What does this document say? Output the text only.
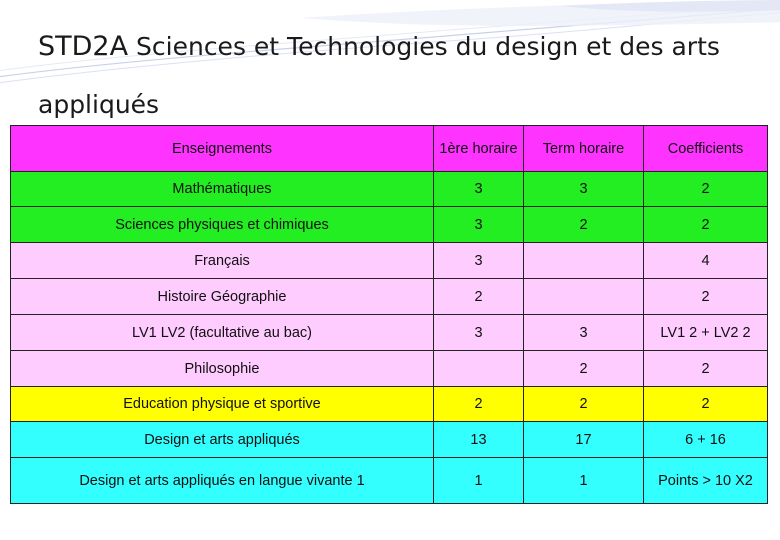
STD2A Sciences et Technologies du design et des arts appliqués
Enseignements	1ère horaire	Term horaire	Coefficients
Mathématiques	3	3	2
Sciences physiques et chimiques	3	2	2
Français	3		4
Histoire Géographie	2		2
LV1 LV2 (facultative au bac)	3	3	LV1 2 + LV2 2
Philosophie		2	2
Education physique et sportive	2	2	2
Design et arts appliqués	13	17	6 + 16
Design et arts appliqués en langue vivante 1	1	1	Points > 10 X2
